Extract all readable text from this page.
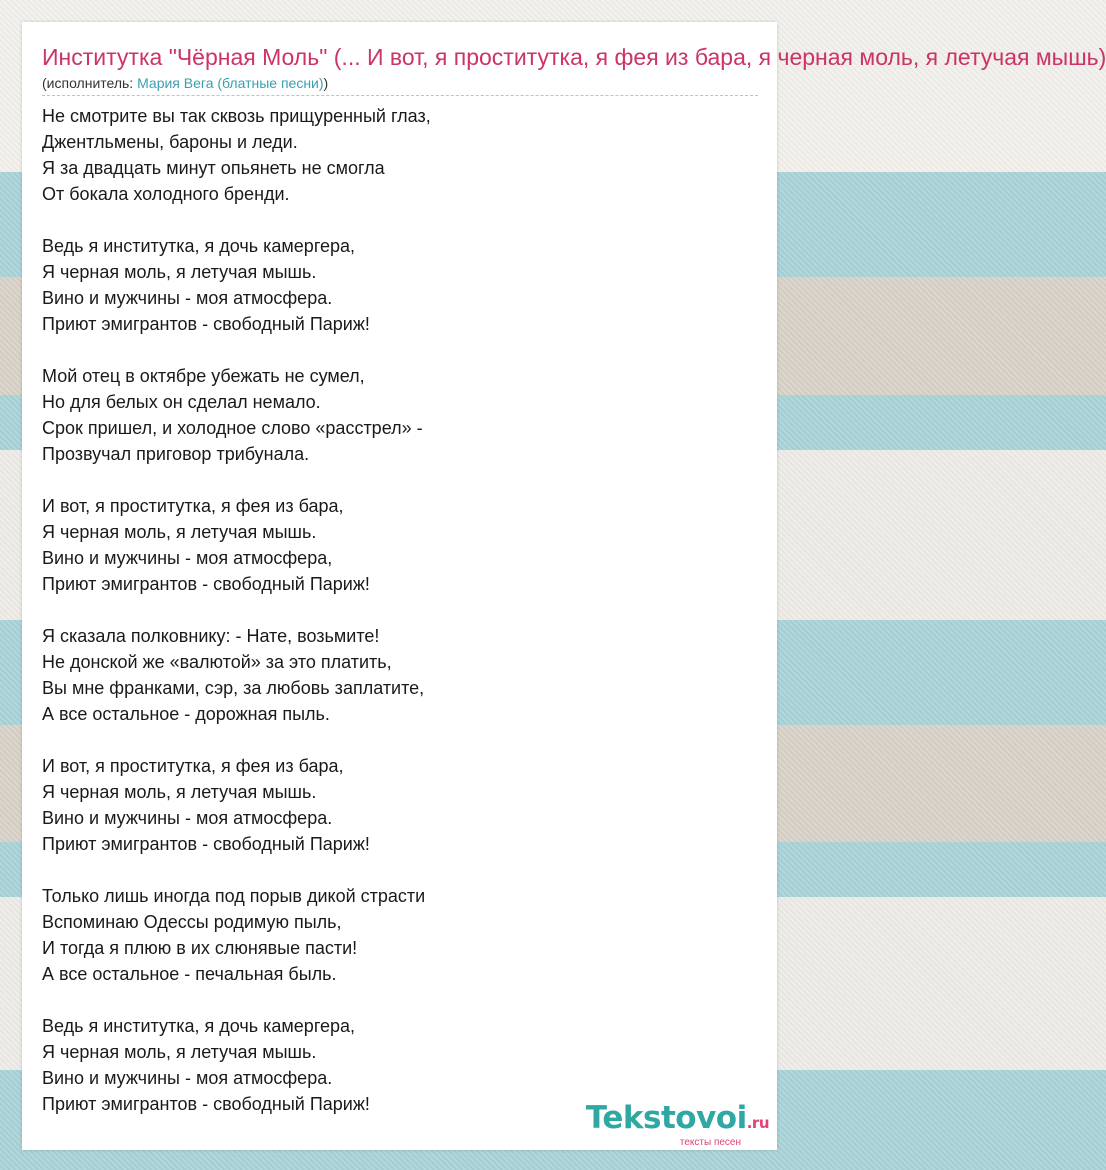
Институтка "Чёрная Моль" (... И вот, я проститутка, я фея из бара, я черная моль, я летучая мышь)
(исполнитель: Мария Вега (блатные песни))
Не смотрите вы так сквозь прищуренный глаз,
Джентльмены, бароны и леди.
Я за двадцать минут опьянеть не смогла
От бокала холодного бренди.
Ведь я институтка, я дочь камергера,
Я черная моль, я летучая мышь.
Вино и мужчины - моя атмосфера.
Приют эмигрантов - свободный Париж!
Мой отец в октябре убежать не сумел,
Но для белых он сделал немало.
Срок пришел, и холодное слово «расстрел» -
Прозвучал приговор трибунала.
И вот, я проститутка, я фея из бара,
Я черная моль, я летучая мышь.
Вино и мужчины - моя атмосфера,
Приют эмигрантов - свободный Париж!
Я сказала полковнику: - Нате, возьмите!
Не донской же «валютой» за это платить,
Вы мне франками, сэр, за любовь заплатите,
А все остальное - дорожная пыль.
И вот, я проститутка, я фея из бара,
Я черная моль, я летучая мышь.
Вино и мужчины - моя атмосфера.
Приют эмигрантов - свободный Париж!
Только лишь иногда под порыв дикой страсти
Вспоминаю Одессы родимую пыль,
И тогда я плюю в их слюнявые пасти!
А все остальное - печальная быль.
Ведь я институтка, я дочь камергера,
Я черная моль, я летучая мышь.
Вино и мужчины - моя атмосфера.
Приют эмигрантов - свободный Париж!	Tekstovoi.ru
тексты песен
